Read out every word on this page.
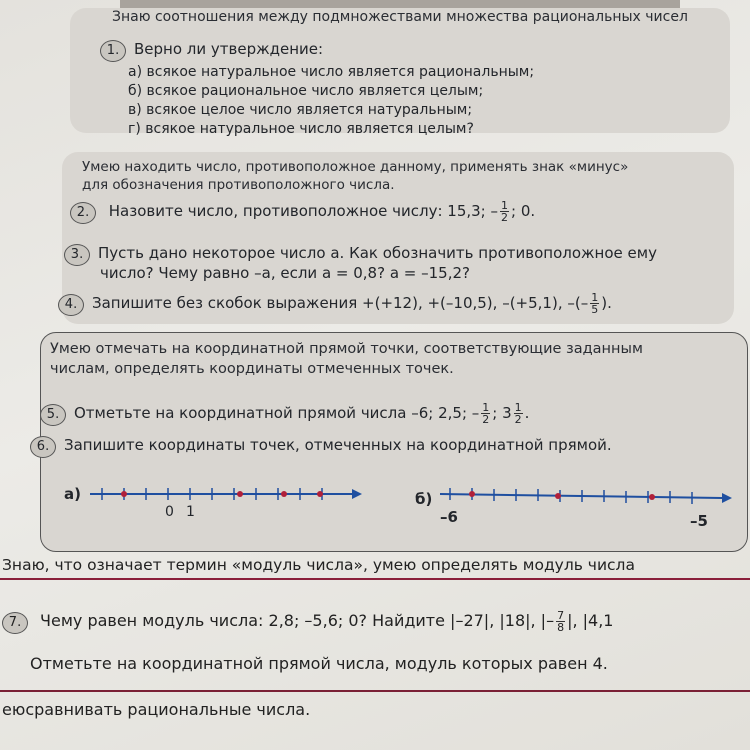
Знаю соотношения между подмножествами множества рациональных чисел
1. Верно ли утверждение:
а) всякое натуральное число является рациональным;
б) всякое рациональное число является целым;
в) всякое целое число является натуральным;
г) всякое натуральное число является целым?
Умею находить число, противоположное данному, применять знак «минус»
для обозначения противоположного числа.
2. Назовите число, противоположное числу: 15,3; – $\frac{1}{2}$ ; 0.
3. Пусть дано некоторое число a. Как обозначить противоположное ему
число? Чему равно –a, если a = 0,8? a = –15,2?
4. Запишите без скобок выражения +(+12), +(–10,5), –(+5,1), –(– $\frac{1}{5}$ ).
Умею отмечать на координатной прямой точки, соответствующие заданным
числам, определять координаты отмеченных точек.
5. Отметьте на координатной прямой числа –6; 2,5; – $\frac{1}{2}$ ; $3 \frac{1}{2}$ .
6. Запишите координаты точек, отмеченных на координатной прямой.
а)
0 1
б)
–6	–5
Знаю, что означает термин «модуль числа», умею определять модуль числа
7. Чему равен модуль числа: 2,8; –5,6; 0? Найдите |–27|, |18|, |– $\frac{7}{8}$ |, |4,1
Отметьте на координатной прямой числа, модуль которых равен 4.
еюсравнивать рациональные числа.
